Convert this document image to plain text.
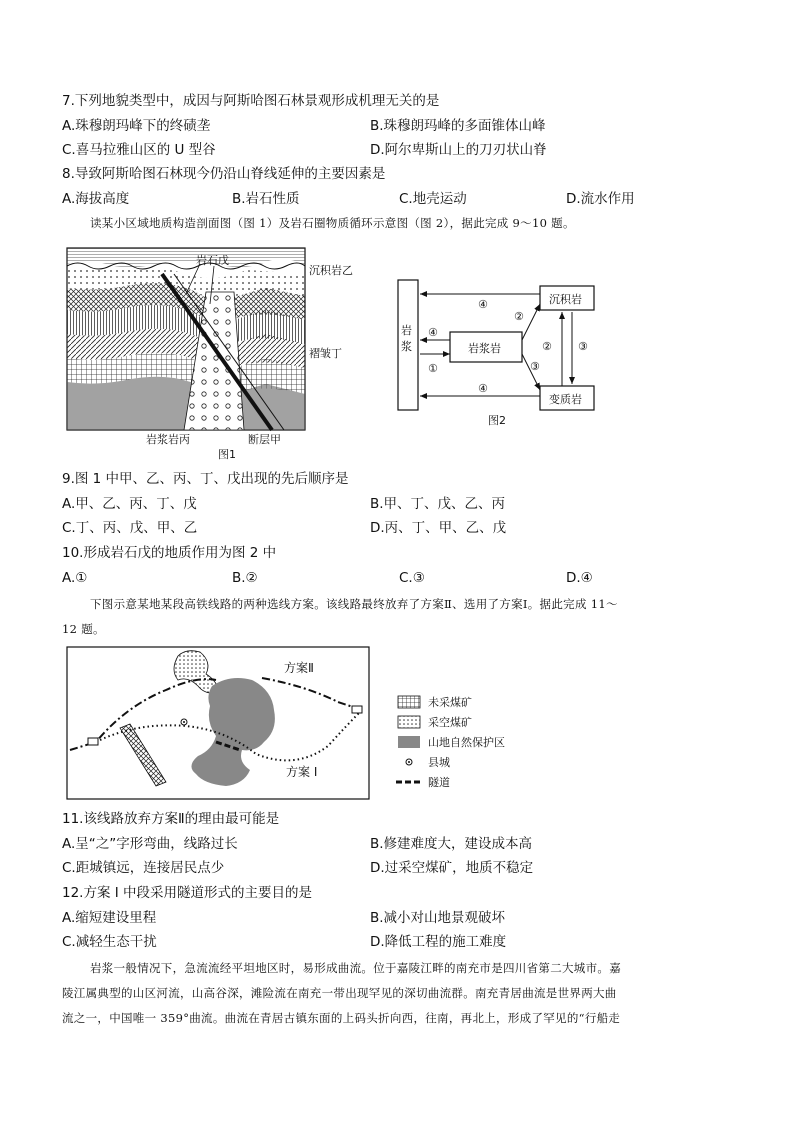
7.下列地貌类型中，成因与阿斯哈图石林景观形成机理无关的是
A.珠穆朗玛峰下的终碛垄	B.珠穆朗玛峰的多面锥体山峰
C.喜马拉雅山区的 U 型谷	D.阿尔卑斯山上的刀刃状山脊
8.导致阿斯哈图石林现今仍沿山脊线延伸的主要因素是
A.海拔高度	B.岩石性质	C.地壳运动	D.流水作用
读某小区域地质构造剖面图（图 1）及岩石圈物质循环示意图（图 2），据此完成 9～10 题。
岩石戊
岩浆岩丙	断层甲
图1
沉积岩乙
褶皱丁
岩
浆	岩浆岩
沉积岩
变质岩
④
④
①
④
②
③
② ③
图2
9.图 1 中甲、乙、丙、丁、戊出现的先后顺序是
A.甲、乙、丙、丁、戊	B.甲、丁、戊、乙、丙
C.丁、丙、戊、甲、乙	D.丙、丁、甲、乙、戊
10.形成岩石戊的地质作用为图 2 中
A.①	B.②	C.③	D.④
下图示意某地某段高铁线路的两种选线方案。该线路最终放弃了方案Ⅱ、选用了方案Ⅰ。据此完成 11～
12 题。
方案Ⅱ
方案 I
未采煤矿
采空煤矿
山地自然保护区
县城
隧道
11.该线路放弃方案Ⅱ的理由最可能是
A.呈“之”字形弯曲，线路过长	B.修建难度大，建设成本高
C.距城镇远，连接居民点少	D.过采空煤矿，地质不稳定
12.方案 I 中段采用隧道形式的主要目的是
A.缩短建设里程	B.减小对山地景观破坏
C.减轻生态干扰	D.降低工程的施工难度
岩浆一般情况下，急流流经平坦地区时，易形成曲流。位于嘉陵江畔的南充市是四川省第二大城市。嘉
陵江属典型的山区河流，山高谷深，滩险流在南充一带出现罕见的深切曲流群。南充青居曲流是世界两大曲
流之一，中国唯一 359°曲流。曲流在青居古镇东面的上码头折向西，往南，再北上，形成了罕见的“行船走
